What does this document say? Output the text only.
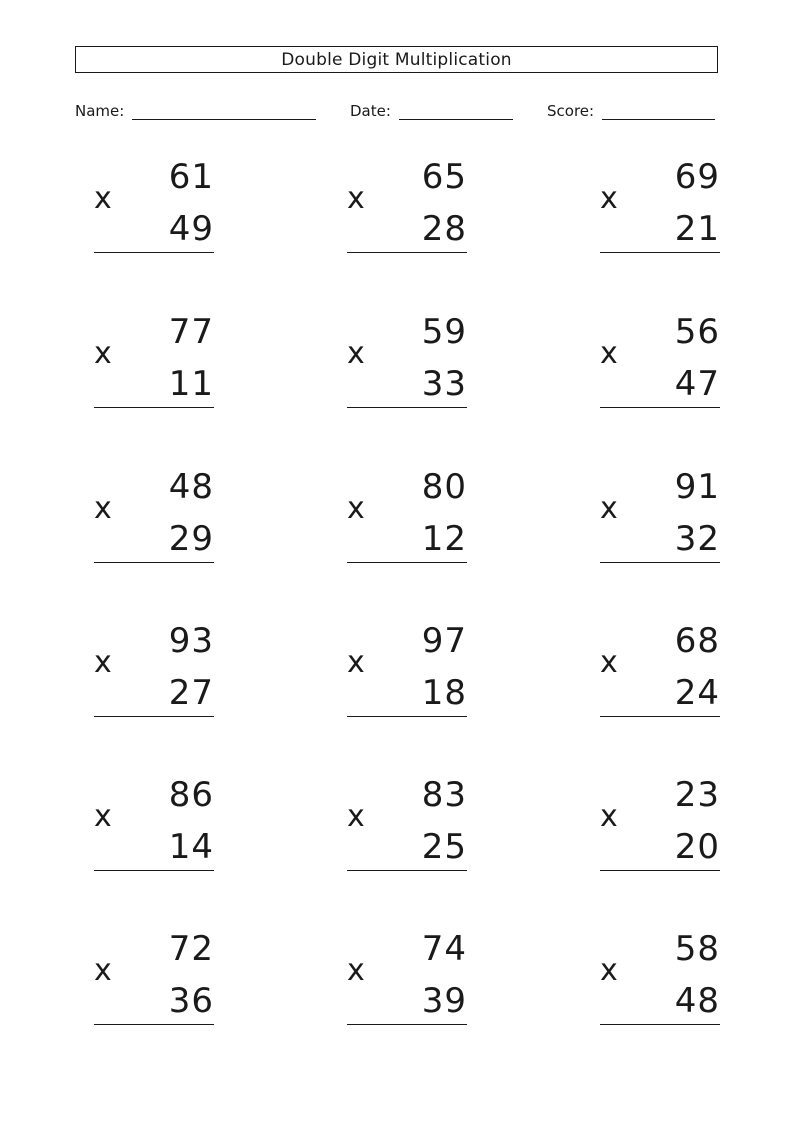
Double Digit Multiplication
Name:	Date:	Score:
x
61
49
x
65
28
x
69
21
x
77
11
x
59
33
x
56
47
x
48
29
x
80
12
x
91
32
x
93
27
x
97
18
x
68
24
x
86
14
x
83
25
x
23
20
x
72
36
x
74
39
x
58
48
